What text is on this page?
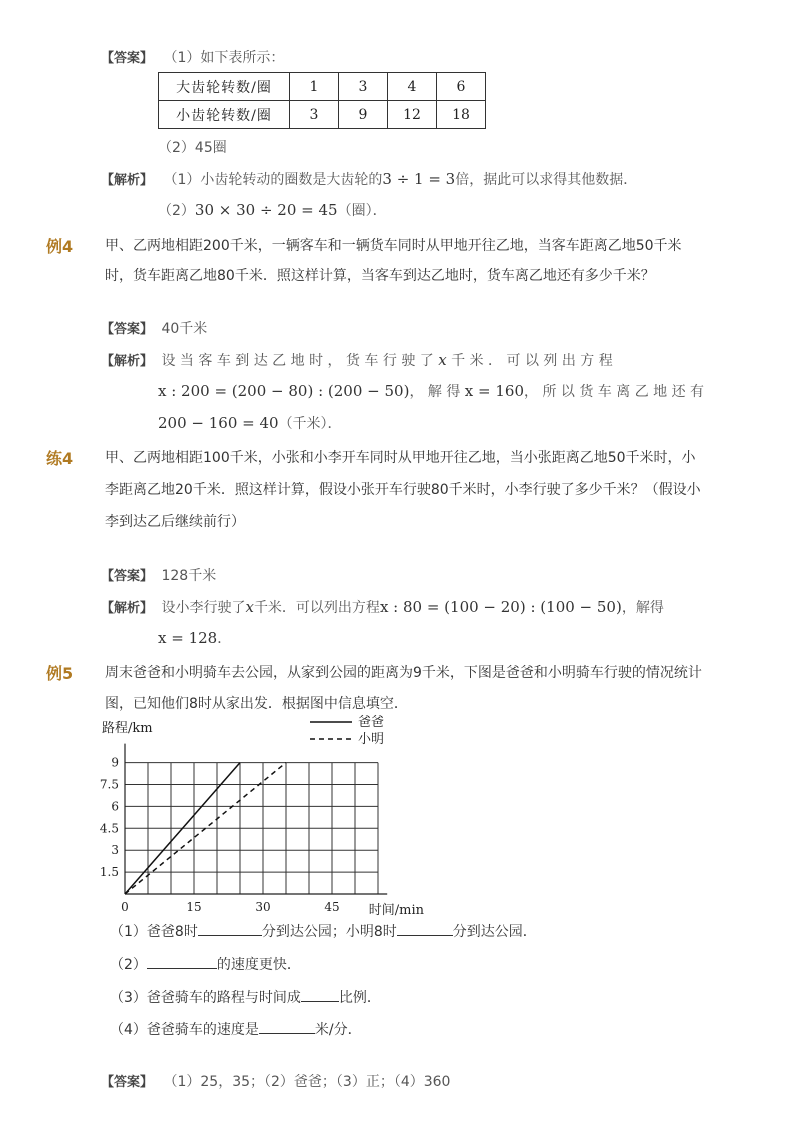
【答案】 （1）如下表所示：
大齿轮转数/圈	1	3	4	6
小齿轮转数/圈	3	9	12	18
（2）45圈
【解析】 （1）小齿轮转动的圈数是大齿轮的3 ÷ 1 = 3倍，据此可以求得其他数据．
（2）30 × 30 ÷ 20 = 45（圈）．
例4 甲、乙两地相距200千米，一辆客车和一辆货车同时从甲地开往乙地，当客车距离乙地50千米
时，货车距离乙地80千米．照这样计算，当客车到达乙地时，货车离乙地还有多少千米？
【答案】 40千米
【解析】 设 当 客 车 到 达 乙 地 时 ， 货 车 行 驶 了 x 千 米 ． 可 以 列 出 方 程
x : 200 = (200 − 80) : (200 − 50)， 解 得 x = 160， 所 以 货 车 离 乙 地 还 有
200 − 160 = 40（千米）．
练4 甲、乙两地相距100千米，小张和小李开车同时从甲地开往乙地，当小张距离乙地50千米时，小
李距离乙地20千米．照这样计算，假设小张开车行驶80千米时，小李行驶了多少千米？（假设小
李到达乙后继续前行）
【答案】 128千米
【解析】 设小李行驶了x千米．可以列出方程x : 80 = (100 − 20) : (100 − 50)，解得
x = 128．
例5 周末爸爸和小明骑车去公园，从家到公园的距离为9千米，下图是爸爸和小明骑车行驶的情况统计
图，已知他们8时从家出发．根据图中信息填空．
1.5
3
4.5
6
7.5
9
0	15	30	45
爸爸
小明
路程/km
时间/min
（1）爸爸8时	分到达公园；小明8时	分到达公园．
（2）	的速度更快．
（3）爸爸骑车的路程与时间成	比例．
（4）爸爸骑车的速度是	米/分．
【答案】 （1）25，35；（2）爸爸；（3）正；（4）360
